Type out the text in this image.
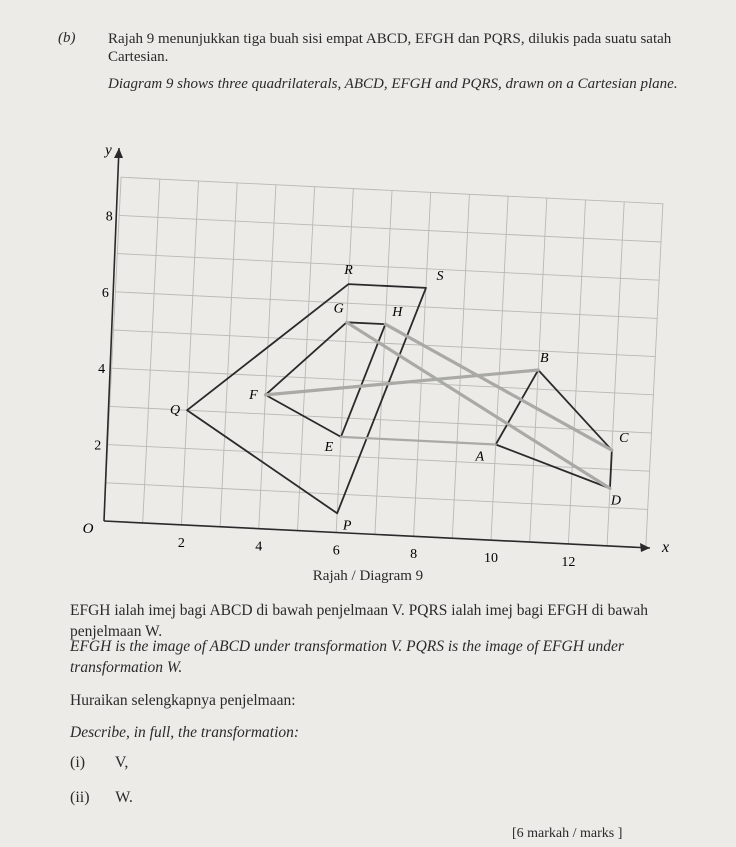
(b) Rajah 9 menunjukkan tiga buah sisi empat ABCD, EFGH dan PQRS, dilukis pada suatu satah Cartesian.
Diagram 9 shows three quadrilaterals, ABCD, EFGH and PQRS, drawn on a Cartesian plane.
2	4	6	8	10	12
2
4
6
8
O
x
y
A
B
C
D
E
F
G	H
P
Q
R	S
Rajah / Diagram 9
EFGH ialah imej bagi ABCD di bawah penjelmaan V. PQRS ialah imej bagi EFGH di bawah penjelmaan W.
EFGH is the image of ABCD under transformation V. PQRS is the image of EFGH under transformation W.
Huraikan selengkapnya penjelmaan:
Describe, in full, the transformation:
(i) V,
(ii) W.
[6 markah / marks ]
